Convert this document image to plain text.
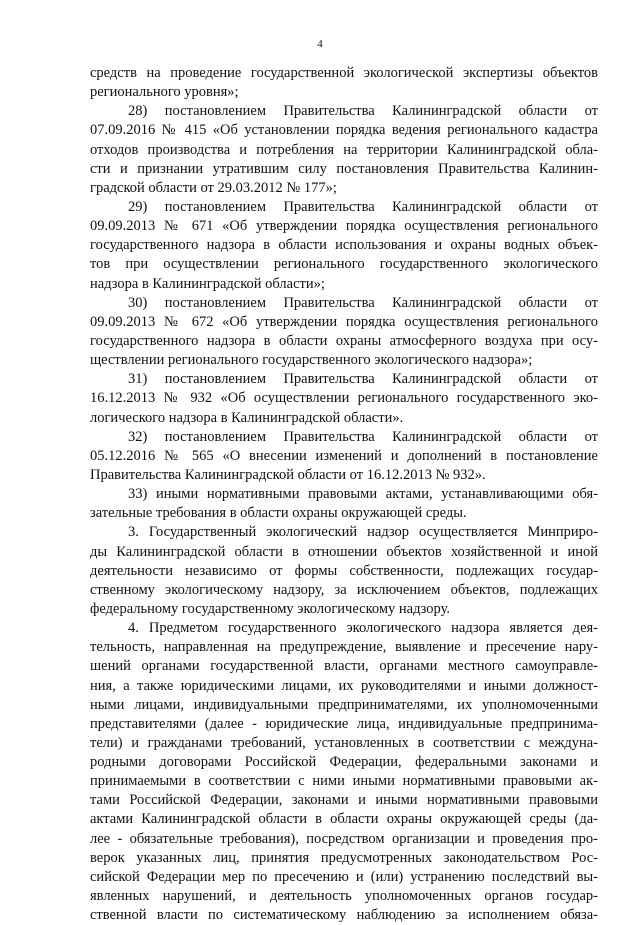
4
средств на проведение государственной экологической экспертизы объектов
регионального уровня»;
28) постановлением Правительства Калининградской области от
07.09.2016 № 415 «Об установлении порядка ведения регионального кадастра
отходов производства и потребления на территории Калининградской обла-
сти и признании утратившим силу постановления Правительства Калинин-
градской области от 29.03.2012 № 177»;
29) постановлением Правительства Калининградской области от
09.09.2013 № 671 «Об утверждении порядка осуществления регионального
государственного надзора в области использования и охраны водных объек-
тов при осуществлении регионального государственного экологического
надзора в Калининградской области»;
30) постановлением Правительства Калининградской области от
09.09.2013 № 672 «Об утверждении порядка осуществления регионального
государственного надзора в области охраны атмосферного воздуха при осу-
ществлении регионального государственного экологического надзора»;
31) постановлением Правительства Калининградской области от
16.12.2013 № 932 «Об осуществлении регионального государственного эко-
логического надзора в Калининградской области».
32) постановлением Правительства Калининградской области от
05.12.2016 № 565 «О внесении изменений и дополнений в постановление
Правительства Калининградской области от 16.12.2013 № 932».
33) иными нормативными правовыми актами, устанавливающими обя-
зательные требования в области охраны окружающей среды.
3. Государственный экологический надзор осуществляется Минприро-
ды Калининградской области в отношении объектов хозяйственной и иной
деятельности независимо от формы собственности, подлежащих государ-
ственному экологическому надзору, за исключением объектов, подлежащих
федеральному государственному экологическому надзору.
4. Предметом государственного экологического надзора является дея-
тельность, направленная на предупреждение, выявление и пресечение нару-
шений органами государственной власти, органами местного самоуправле-
ния, а также юридическими лицами, их руководителями и иными должност-
ными лицами, индивидуальными предпринимателями, их уполномоченными
представителями (далее - юридические лица, индивидуальные предпринима-
тели) и гражданами требований, установленных в соответствии с междуна-
родными договорами Российской Федерации, федеральными законами и
принимаемыми в соответствии с ними иными нормативными правовыми ак-
тами Российской Федерации, законами и иными нормативными правовыми
актами Калининградской области в области охраны окружающей среды (да-
лее - обязательные требования), посредством организации и проведения про-
верок указанных лиц, принятия предусмотренных законодательством Рос-
сийской Федерации мер по пресечению и (или) устранению последствий вы-
явленных нарушений, и деятельность уполномоченных органов государ-
ственной власти по систематическому наблюдению за исполнением обяза-
